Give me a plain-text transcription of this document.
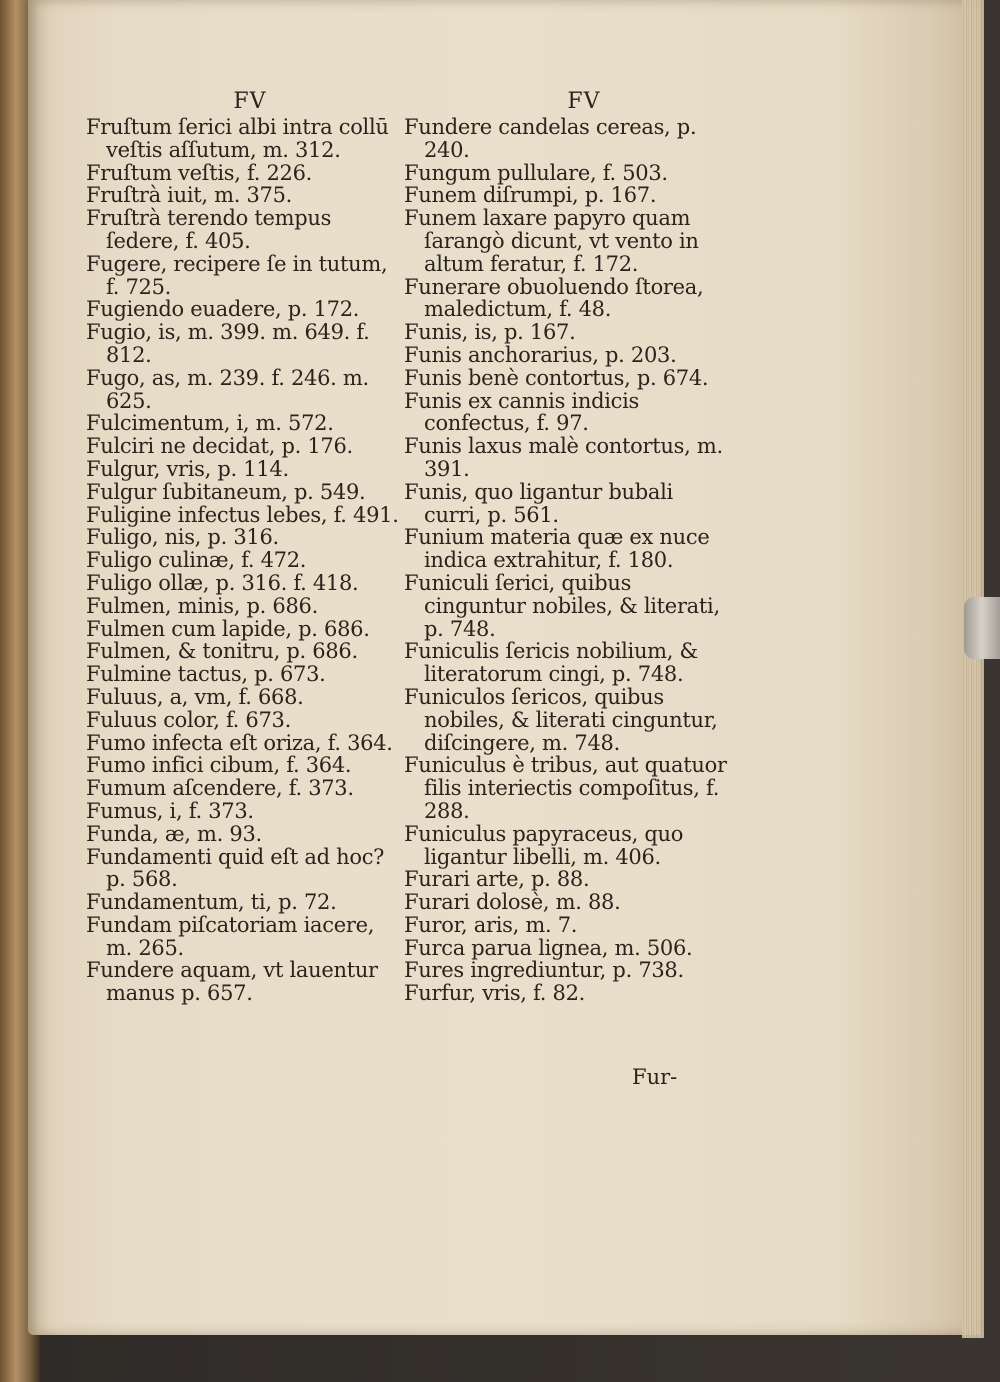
FV
Fruſtum ſerici albi intra collū veſtis aſſutum, m. 312.
Fruſtum veſtis, f. 226.
Fruſtrà iuit, m. 375.
Fruſtrà terendo tempus ſedere, f. 405.
Fugere, recipere ſe in tutum, f. 725.
Fugiendo euadere, p. 172.
Fugio, is, m. 399. m. 649. f. 812.
Fugo, as, m. 239. f. 246. m. 625.
Fulcimentum, i, m. 572.
Fulciri ne decidat, p. 176.
Fulgur, vris, p. 114.
Fulgur ſubitaneum, p. 549.
Fuligine infectus lebes, f. 491.
Fuligo, nis, p. 316.
Fuligo culinæ, f. 472.
Fuligo ollæ, p. 316. f. 418.
Fulmen, minis, p. 686.
Fulmen cum lapide, p. 686.
Fulmen, & tonitru, p. 686.
Fulmine tactus, p. 673.
Fuluus, a, vm, f. 668.
Fuluus color, f. 673.
Fumo infecta eſt oriza, f. 364.
Fumo infici cibum, f. 364.
Fumum aſcendere, f. 373.
Fumus, i, f. 373.
Funda, æ, m. 93.
Fundamenti quid eſt ad hoc? p. 568.
Fundamentum, ti, p. 72.
Fundam piſcatoriam iacere, m. 265.
Fundere aquam, vt lauentur manus p. 657.
FV
Fundere candelas cereas, p. 240.
Fungum pullulare, f. 503.
Funem diſrumpi, p. 167.
Funem laxare papyro quam ſarangò dicunt, vt vento in altum feratur, f. 172.
Funerare obuoluendo ſtorea, maledictum, f. 48.
Funis, is, p. 167.
Funis anchorarius, p. 203.
Funis benè contortus, p. 674.
Funis ex cannis indicis confectus, f. 97.
Funis laxus malè contortus, m. 391.
Funis, quo ligantur bubali curri, p. 561.
Funium materia quæ ex nuce indica extrahitur, f. 180.
Funiculi ſerici, quibus cinguntur nobiles, & literati, p. 748.
Funiculis ſericis nobilium, & literatorum cingi, p. 748.
Funiculos ſericos, quibus nobiles, & literati cinguntur, diſcingere, m. 748.
Funiculus è tribus, aut quatuor filis interiectis compoſitus, f. 288.
Funiculus papyraceus, quo ligantur libelli, m. 406.
Furari arte, p. 88.
Furari dolosè, m. 88.
Furor, aris, m. 7.
Furca parua lignea, m. 506.
Fures ingrediuntur, p. 738.
Furfur, vris, f. 82.
Fur-
